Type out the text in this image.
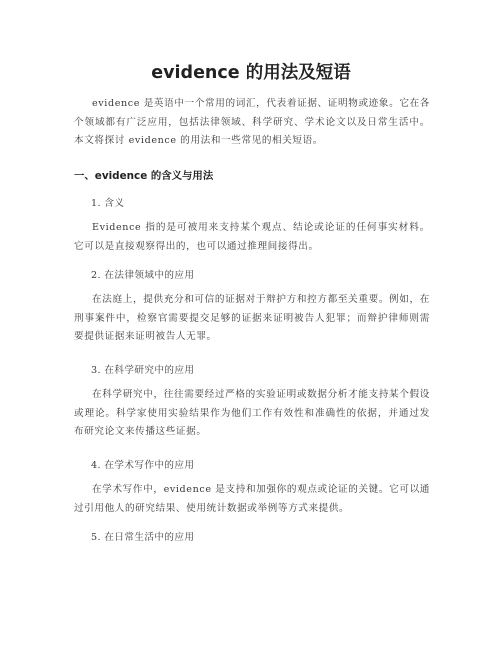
evidence 的用法及短语

evidence 是英语中一个常用的词汇，代表着证据、证明物或迹象。它在各个领域都有广泛应用，包括法律领域、科学研究、学术论文以及日常生活中。本文将探讨 evidence 的用法和一些常见的相关短语。

一、evidence 的含义与用法
1. 含义

Evidence 指的是可被用来支持某个观点、结论或论证的任何事实材料。它可以是直接观察得出的，也可以通过推理间接得出。

2. 在法律领域中的应用

在法庭上，提供充分和可信的证据对于辩护方和控方都至关重要。例如，在刑事案件中，检察官需要提交足够的证据来证明被告人犯罪；而辩护律师则需要提供证据来证明被告人无罪。

3. 在科学研究中的应用

在科学研究中，往往需要经过严格的实验证明或数据分析才能支持某个假设或理论。科学家使用实验结果作为他们工作有效性和准确性的依据，并通过发布研究论文来传播这些证据。

4. 在学术写作中的应用

在学术写作中，evidence 是支持和加强你的观点或论证的关键。它可以通过引用他人的研究结果、使用统计数据或举例等方式来提供。

5. 在日常生活中的应用
